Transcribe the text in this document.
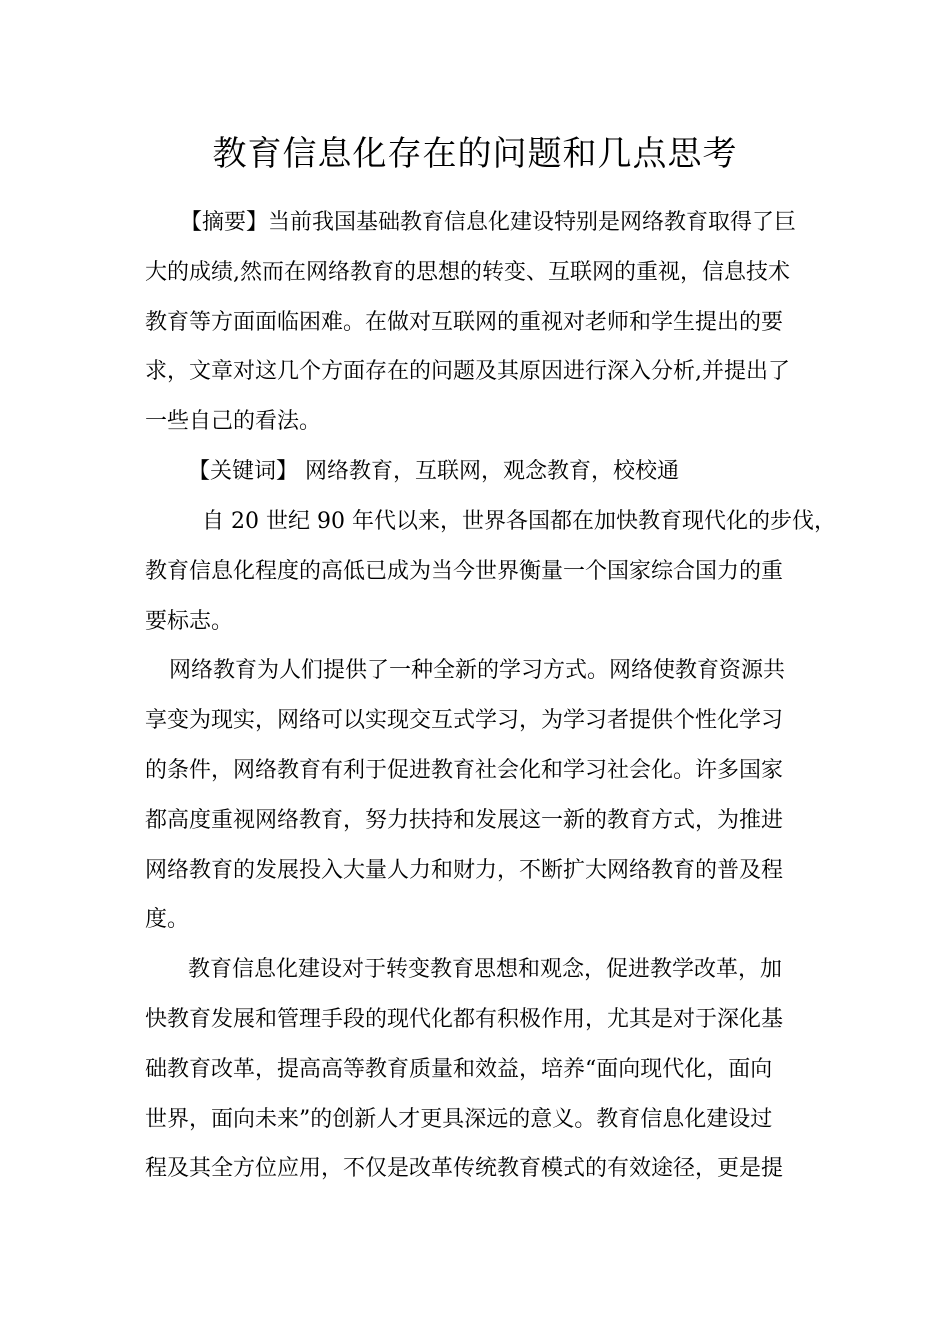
教育信息化存在的问题和几点思考
【摘要】当前我国基础教育信息化建设特别是网络教育取得了巨
大的成绩,然而在网络教育的思想的转变、互联网的重视，信息技术
教育等方面面临困难。在做对互联网的重视对老师和学生提出的要
求，文章对这几个方面存在的问题及其原因进行深入分析,并提出了
一些自己的看法。
【关键词】 网络教育，互联网，观念教育，校校通
自 20 世纪 90 年代以来，世界各国都在加快教育现代化的步伐，
教育信息化程度的高低已成为当今世界衡量一个国家综合国力的重
要标志。
网络教育为人们提供了一种全新的学习方式。网络使教育资源共
享变为现实，网络可以实现交互式学习，为学习者提供个性化学习
的条件，网络教育有利于促进教育社会化和学习社会化。许多国家
都高度重视网络教育，努力扶持和发展这一新的教育方式，为推进
网络教育的发展投入大量人力和财力，不断扩大网络教育的普及程
度。
教育信息化建设对于转变教育思想和观念，促进教学改革，加
快教育发展和管理手段的现代化都有积极作用，尤其是对于深化基
础教育改革，提高高等教育质量和效益，培养“面向现代化，面向
世界，面向未来”的创新人才更具深远的意义。教育信息化建设过
程及其全方位应用，不仅是改革传统教育模式的有效途径，更是提
